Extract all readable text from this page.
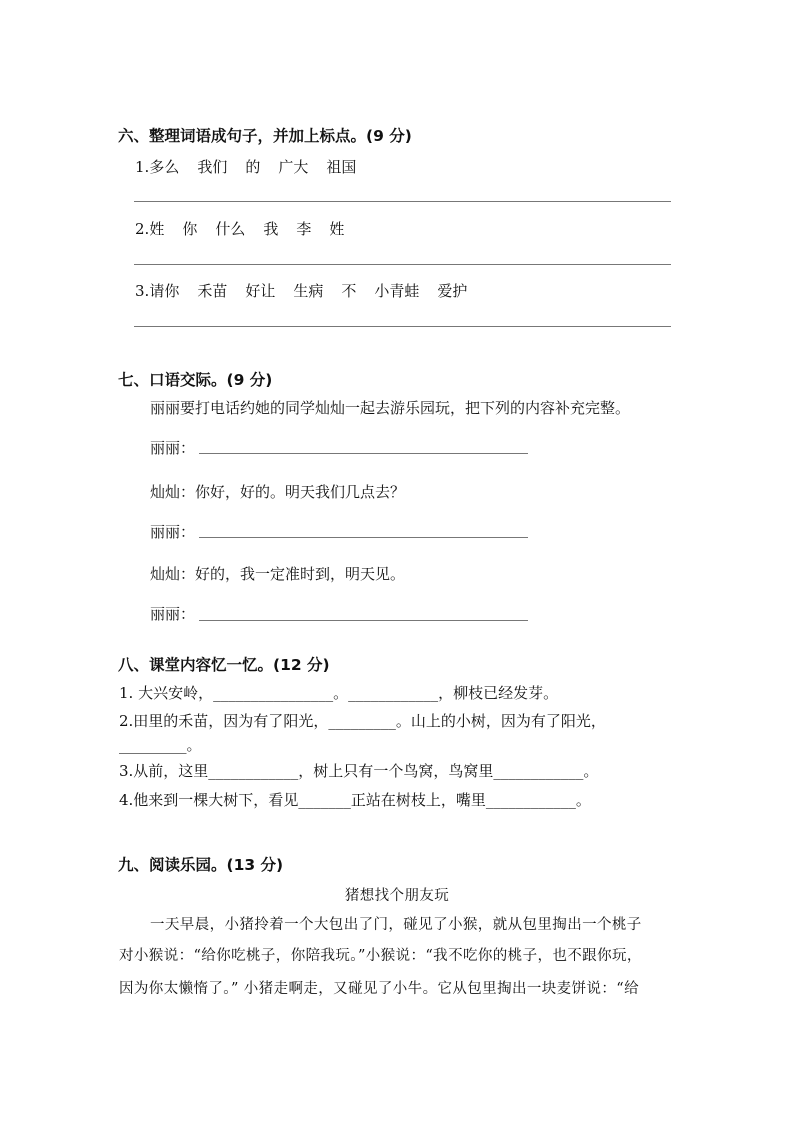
六、整理词语成句子，并加上标点。(9 分)
1.多么 我们 的 广大 祖国
2.姓 你 什么 我 李 姓
3.请你 禾苗 好让 生病 不 小青蛙 爱护
七、口语交际。(9 分)
丽丽要打电话约她的同学灿灿一起去游乐园玩，把下列的内容补充完整。
丽丽：
灿灿：你好，好的。明天我们几点去？
丽丽：
灿灿：好的，我一定准时到，明天见。
丽丽：
八、课堂内容忆一忆。(12 分)
1. 大兴安岭，________________。____________，柳枝已经发芽。
2.田里的禾苗，因为有了阳光，_________。山上的小树，因为有了阳光，
_________。
3.从前，这里____________，树上只有一个鸟窝，鸟窝里____________。
4.他来到一棵大树下，看见_______正站在树枝上，嘴里____________。
九、阅读乐园。(13 分)
猪想找个朋友玩
一天早晨，小猪拎着一个大包出了门，碰见了小猴，就从包里掏出一个桃子
对小猴说：“给你吃桃子，你陪我玩。”小猴说：“我不吃你的桃子，也不跟你玩，
因为你太懒惰了。” 小猪走啊走，又碰见了小牛。它从包里掏出一块麦饼说：“给
